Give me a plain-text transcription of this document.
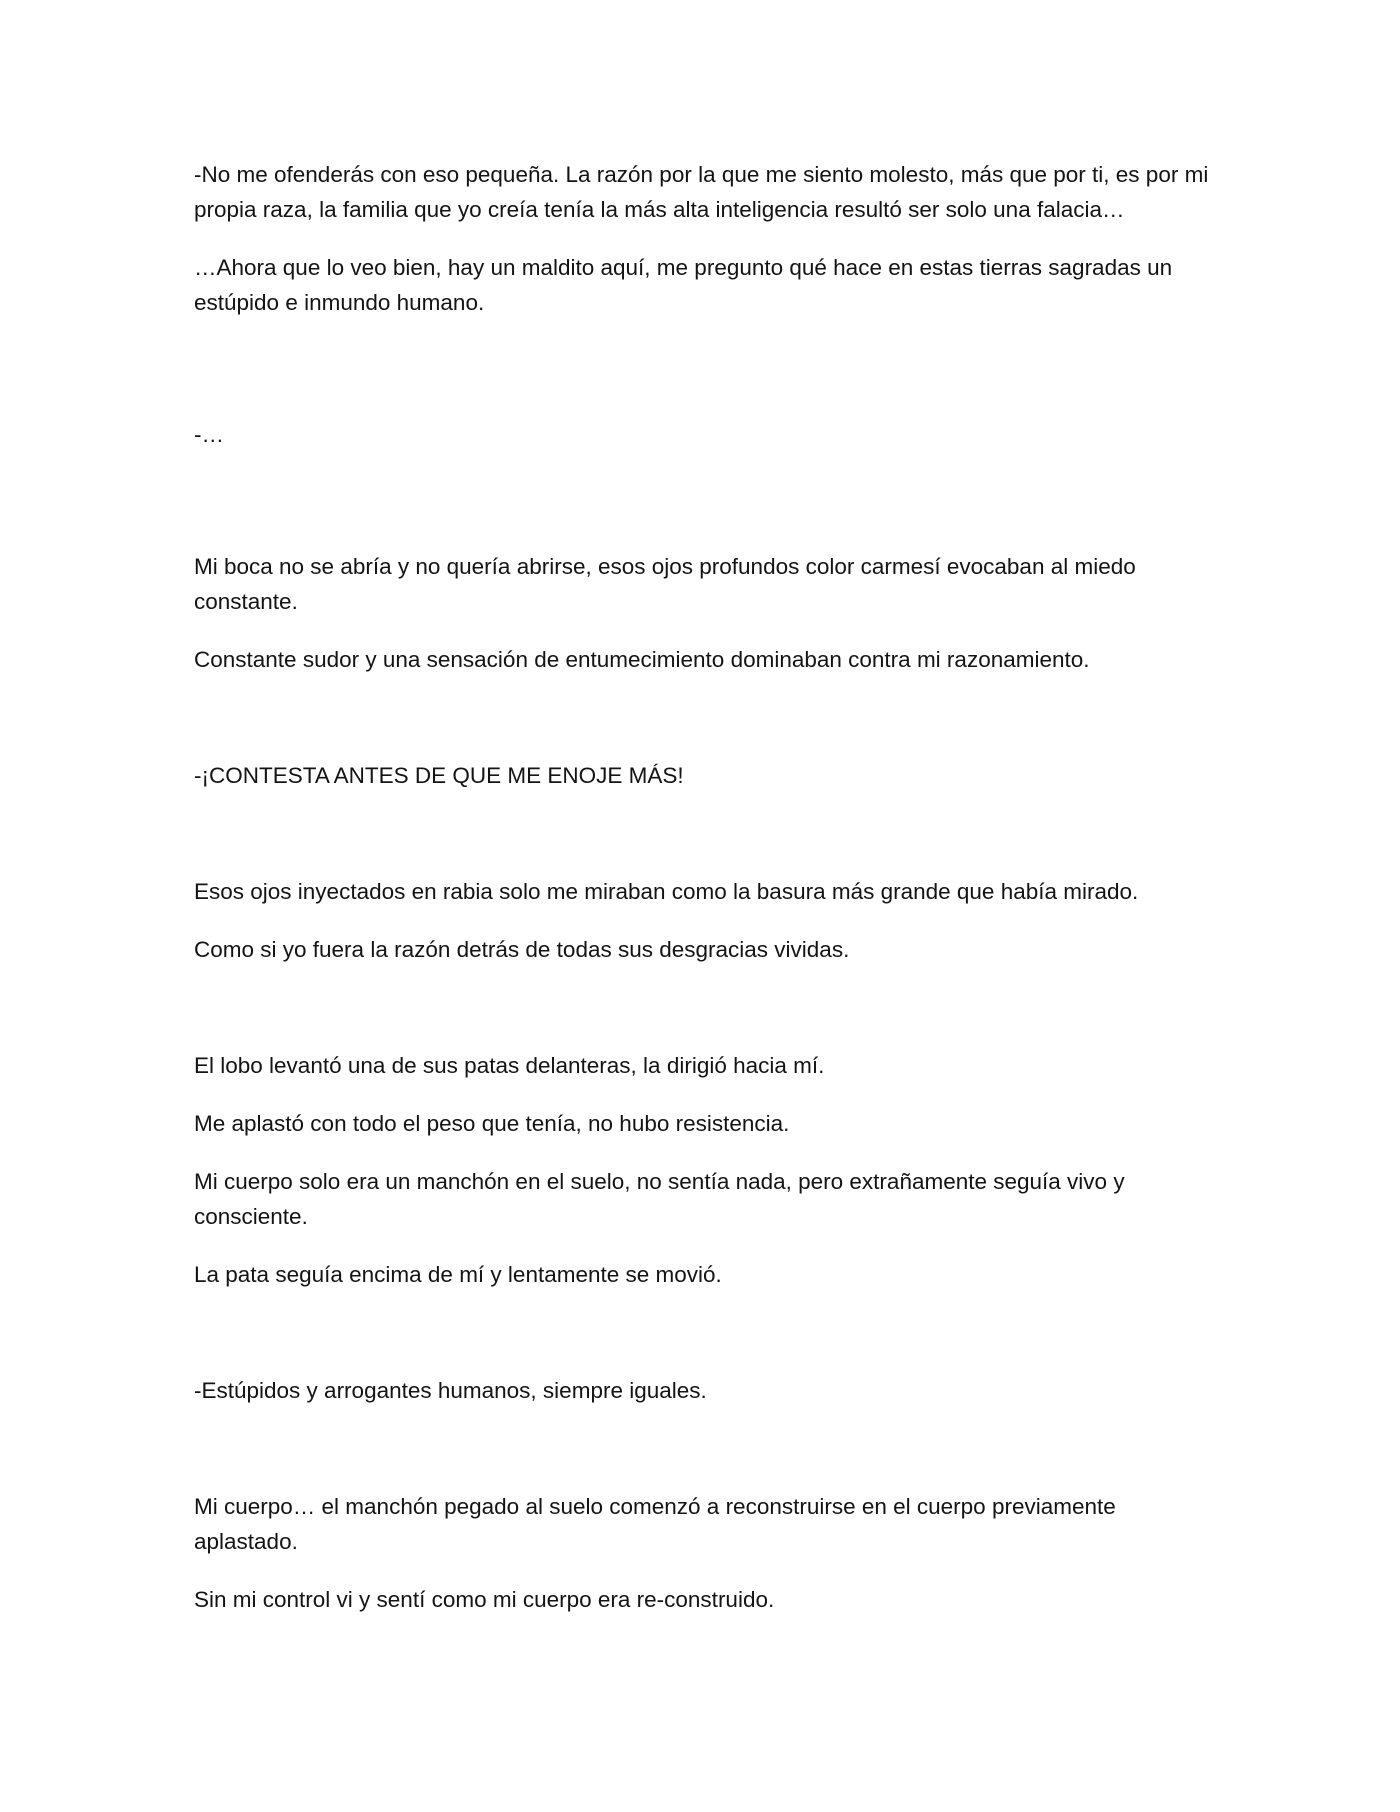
-No me ofenderás con eso pequeña. La razón por la que me siento molesto, más que por ti, es por mi propia raza, la familia que yo creía tenía la más alta inteligencia resultó ser solo una falacia…

…Ahora que lo veo bien, hay un maldito aquí, me pregunto qué hace en estas tierras sagradas un estúpido e inmundo humano.

-…

Mi boca no se abría y no quería abrirse, esos ojos profundos color carmesí evocaban al miedo constante.

Constante sudor y una sensación de entumecimiento dominaban contra mi razonamiento.

-¡CONTESTA ANTES DE QUE ME ENOJE MÁS!

Esos ojos inyectados en rabia solo me miraban como la basura más grande que había mirado.

Como si yo fuera la razón detrás de todas sus desgracias vividas.

El lobo levantó una de sus patas delanteras, la dirigió hacia mí.

Me aplastó con todo el peso que tenía, no hubo resistencia.

Mi cuerpo solo era un manchón en el suelo, no sentía nada, pero extrañamente seguía vivo y consciente.

La pata seguía encima de mí y lentamente se movió.

-Estúpidos y arrogantes humanos, siempre iguales.

Mi cuerpo… el manchón pegado al suelo comenzó a reconstruirse en el cuerpo previamente aplastado.

Sin mi control vi y sentí como mi cuerpo era re-construido.
